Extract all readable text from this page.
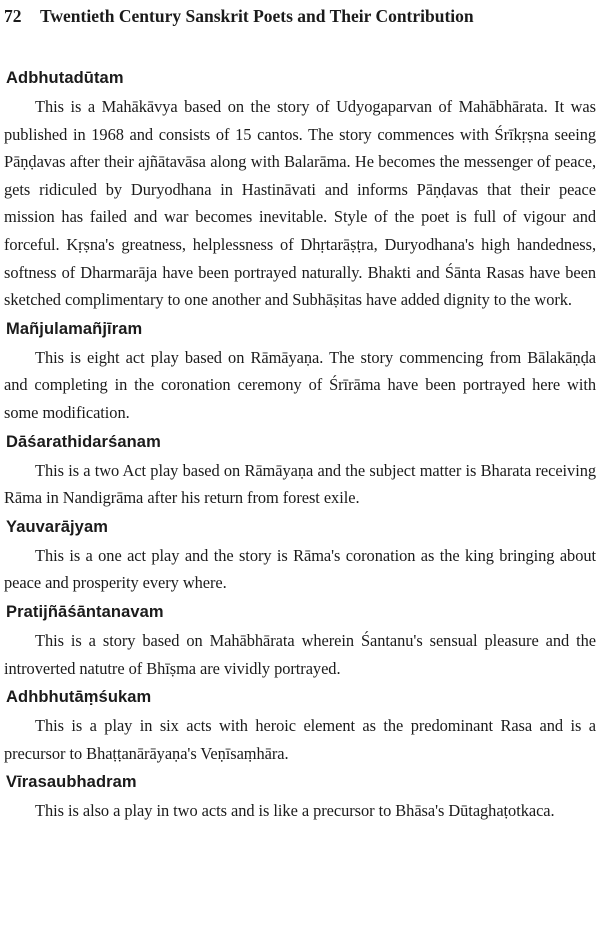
72	Twentieth Century Sanskrit Poets and Their Contribution
Adbhutadūtam

This is a Mahākāvya based on the story of Udyogaparvan of Mahābhārata. It was published in 1968 and consists of 15 cantos. The story commences with Śrīkṛṣna seeing Pāṇḍavas after their ajñātavāsa along with Balarāma. He becomes the messenger of peace, gets ridiculed by Duryodhana in Hastināvati and informs Pāṇḍavas that their peace mission has failed and war becomes inevitable. Style of the poet is full of vigour and forceful. Kṛṣna's greatness, helplessness of Dhṛtarāṣṭra, Duryodhana's high handedness, softness of Dharmarāja have been portrayed naturally. Bhakti and Śānta Rasas have been sketched complimentary to one another and Subhāṣitas have added dignity to the work.

Mañjulamañjīram

This is eight act play based on Rāmāyaṇa. The story commencing from Bālakāṇḍa and completing in the coronation ceremony of Śrīrāma have been portrayed here with some modification.

Dāśarathidarśanam

This is a two Act play based on Rāmāyaṇa and the subject matter is Bharata receiving Rāma in Nandigrāma after his return from forest exile.

Yauvarājyam

This is a one act play and the story is Rāma's coronation as the king bringing about peace and prosperity every where.

Pratijñāśāntanavam

This is a story based on Mahābhārata wherein Śantanu's sensual pleasure and the introverted natutre of Bhīṣma are vividly portrayed.

Adhbhutāṃśukam

This is a play in six acts with heroic element as the predominant Rasa and is a precursor to Bhaṭṭanārāyaṇa's Veṇīsaṃhāra.

Vīrasaubhadram

This is also a play in two acts and is like a precursor to Bhāsa's Dūtaghaṭotkaca.
